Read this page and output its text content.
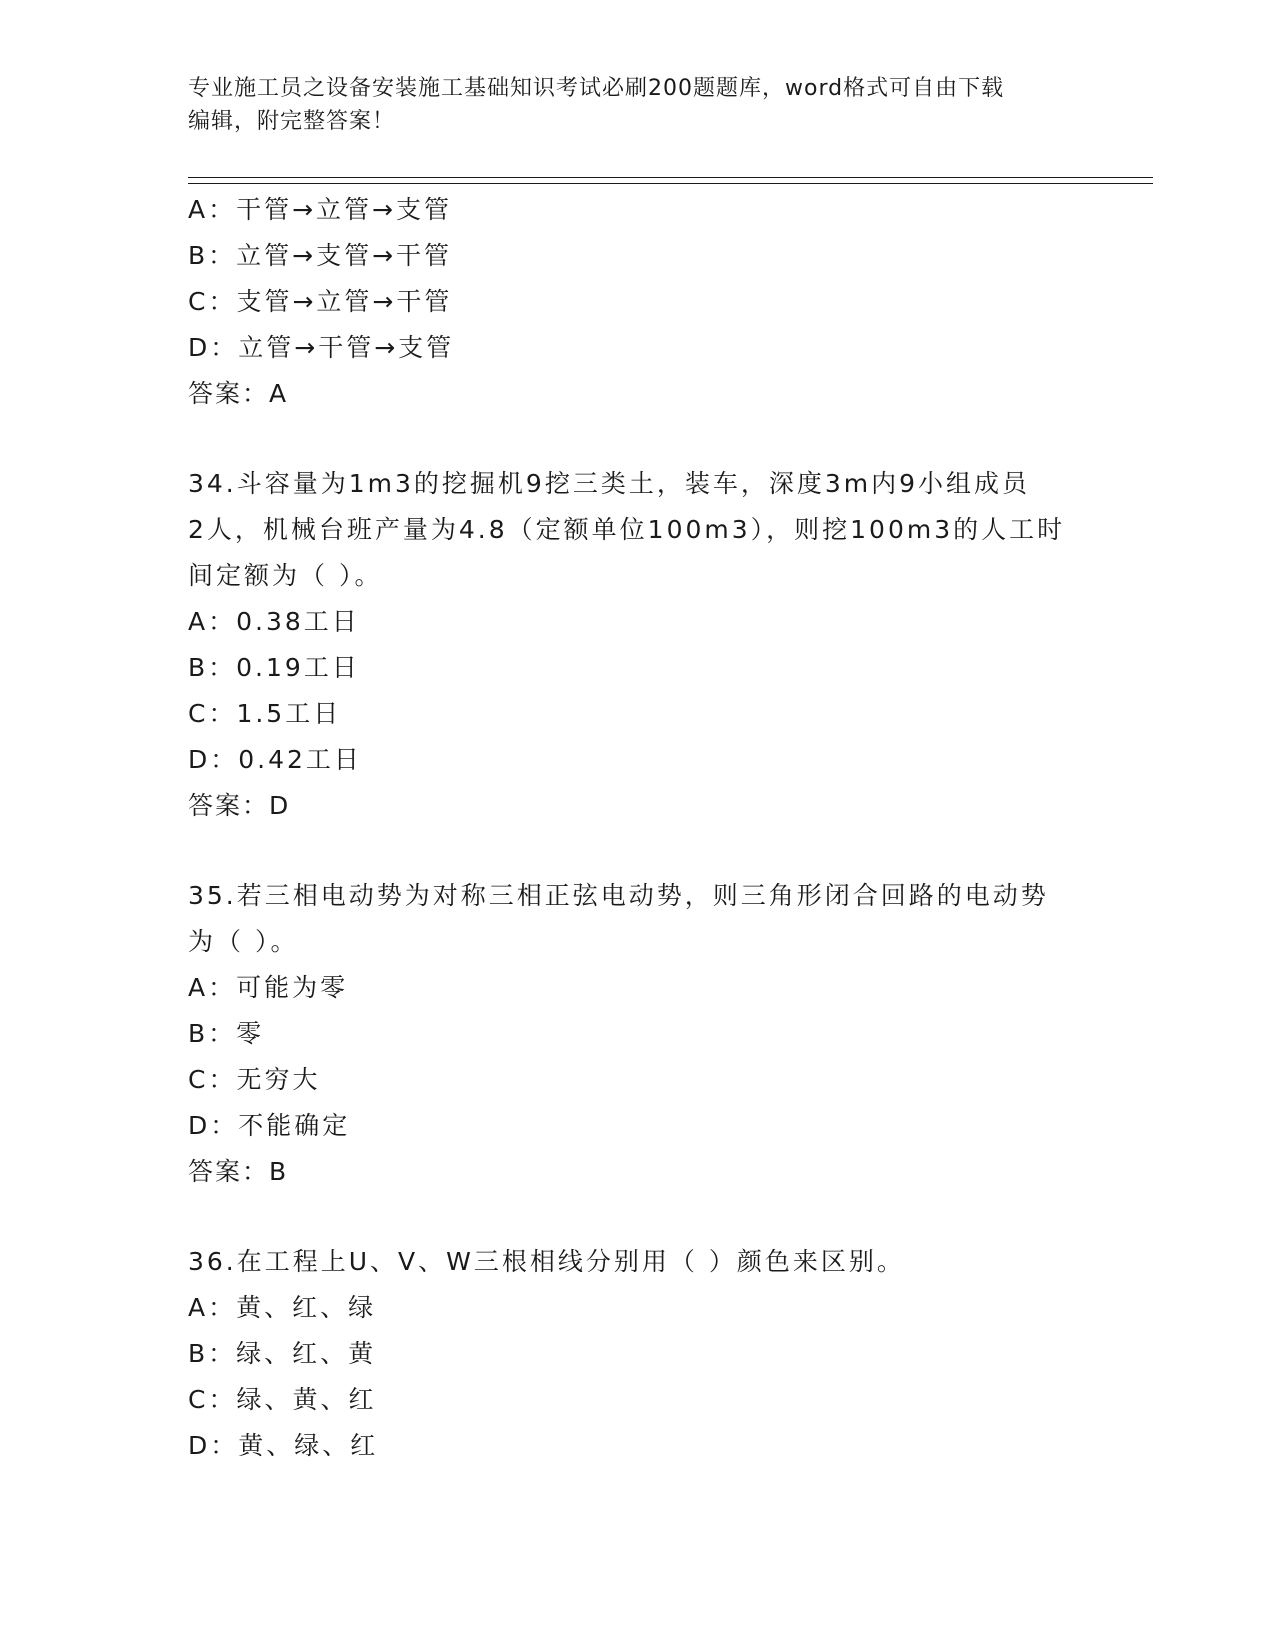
专业施工员之设备安装施工基础知识考试必刷200题题库，word格式可自由下载
编辑，附完整答案！
A：干管→立管→支管
B：立管→支管→干管
C：支管→立管→干管
D：立管→干管→支管
答案：A
34.斗容量为1m3的挖掘机9挖三类土，装车，深度3m内9小组成员
2人，机械台班产量为4.8（定额单位100m3），则挖100m3的人工时
间定额为（ ）。
A：0.38工日
B：0.19工日
C：1.5工日
D：0.42工日
答案：D
35.若三相电动势为对称三相正弦电动势，则三角形闭合回路的电动势
为（ ）。
A：可能为零
B：零
C：无穷大
D：不能确定
答案：B
36.在工程上U、V、W三根相线分别用（ ）颜色来区别。
A：黄、红、绿
B：绿、红、黄
C：绿、黄、红
D：黄、绿、红
